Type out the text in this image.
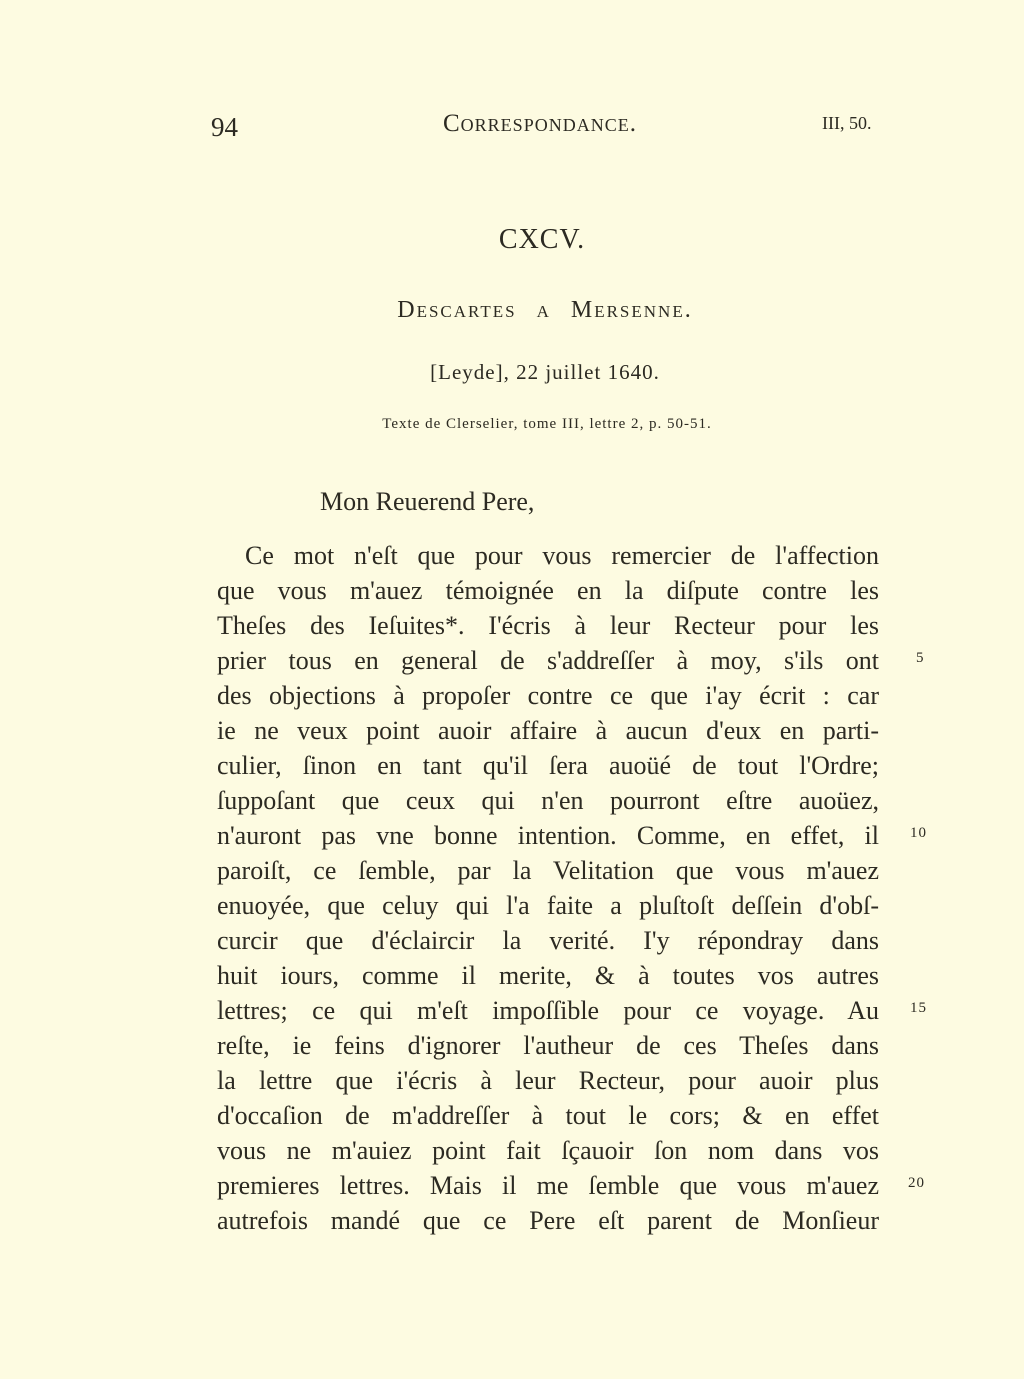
94	Correspondance.	III, 50.
CXCV.
Descartes a Mersenne.
[Leyde], 22 juillet 1640.
Texte de Clerselier, tome III, lettre 2, p. 50-51.
Mon Reuerend Pere,
Ce mot n'eſt que pour vous remercier de l'affection
que vous m'auez témoignée en la diſpute contre les
Theſes des Ieſuites*. I'écris à leur Recteur pour les
prier tous en general de s'addreſſer à moy, s'ils ont
des objections à propoſer contre ce que i'ay écrit : car
ie ne veux point auoir affaire à aucun d'eux en parti-
culier, ſinon en tant qu'il ſera auoüé de tout l'Ordre;
ſuppoſant que ceux qui n'en pourront eſtre auoüez,
n'auront pas vne bonne intention. Comme, en effet, il
paroiſt, ce ſemble, par la Velitation que vous m'auez
enuoyée, que celuy qui l'a faite a pluſtoſt deſſein d'obſ-
curcir que d'éclaircir la verité. I'y répondray dans
huit iours, comme il merite, & à toutes vos autres
lettres; ce qui m'eſt impoſſible pour ce voyage. Au
reſte, ie feins d'ignorer l'autheur de ces Theſes dans
la lettre que i'écris à leur Recteur, pour auoir plus
d'occaſion de m'addreſſer à tout le cors; & en effet
vous ne m'auiez point fait ſçauoir ſon nom dans vos
premieres lettres. Mais il me ſemble que vous m'auez
autrefois mandé que ce Pere eſt parent de Monſieur
5
10
15
20
